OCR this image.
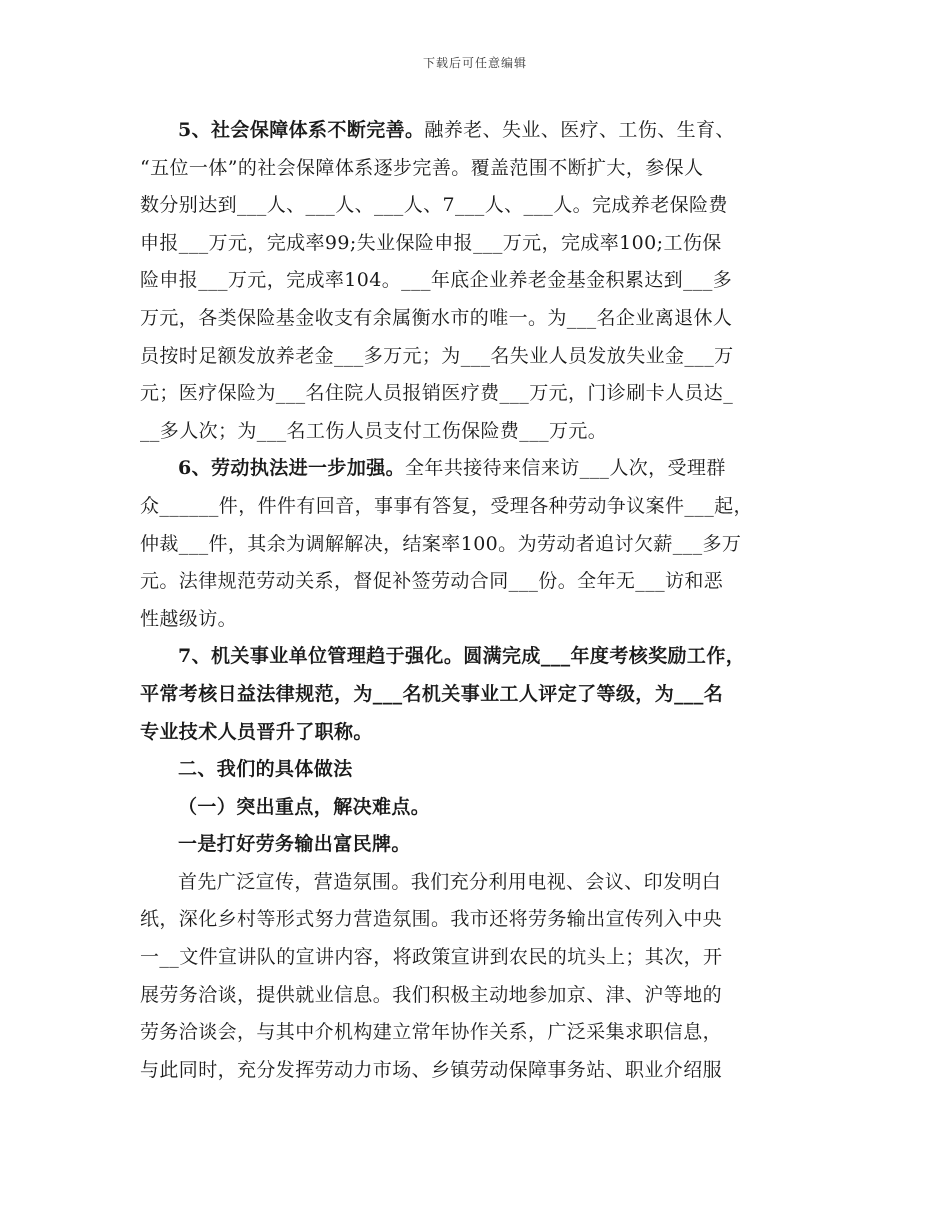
下载后可任意编辑
5、社会保障体系不断完善。融养老、失业、医疗、工伤、生育、
“五位一体”的社会保障体系逐步完善。覆盖范围不断扩大，参保人
数分别达到___人、___人、___人、7___人、___人。完成养老保险费
申报___万元，完成率99;失业保险申报___万元，完成率100;工伤保
险申报___万元，完成率104。___年底企业养老金基金积累达到___多
万元，各类保险基金收支有余属衡水市的唯一。为___名企业离退休人
员按时足额发放养老金___多万元；为___名失业人员发放失业金___万
元；医疗保险为___名住院人员报销医疗费___万元，门诊刷卡人员达_
__多人次；为___名工伤人员支付工伤保险费___万元。
6、劳动执法进一步加强。全年共接待来信来访___人次，受理群
众______件，件件有回音，事事有答复，受理各种劳动争议案件___起，
仲裁___件，其余为调解解决，结案率100。为劳动者追讨欠薪___多万
元。法律规范劳动关系，督促补签劳动合同___份。全年无___访和恶
性越级访。
7、机关事业单位管理趋于强化。圆满完成___年度考核奖励工作，
平常考核日益法律规范，为___名机关事业工人评定了等级，为___名
专业技术人员晋升了职称。
二、我们的具体做法
（一）突出重点，解决难点。
一是打好劳务输出富民牌。
首先广泛宣传，营造氛围。我们充分利用电视、会议、印发明白
纸，深化乡村等形式努力营造氛围。我市还将劳务输出宣传列入中央
一__文件宣讲队的宣讲内容，将政策宣讲到农民的坑头上；其次，开
展劳务洽谈，提供就业信息。我们积极主动地参加京、津、沪等地的
劳务洽谈会，与其中介机构建立常年协作关系，广泛采集求职信息，
与此同时，充分发挥劳动力市场、乡镇劳动保障事务站、职业介绍服
